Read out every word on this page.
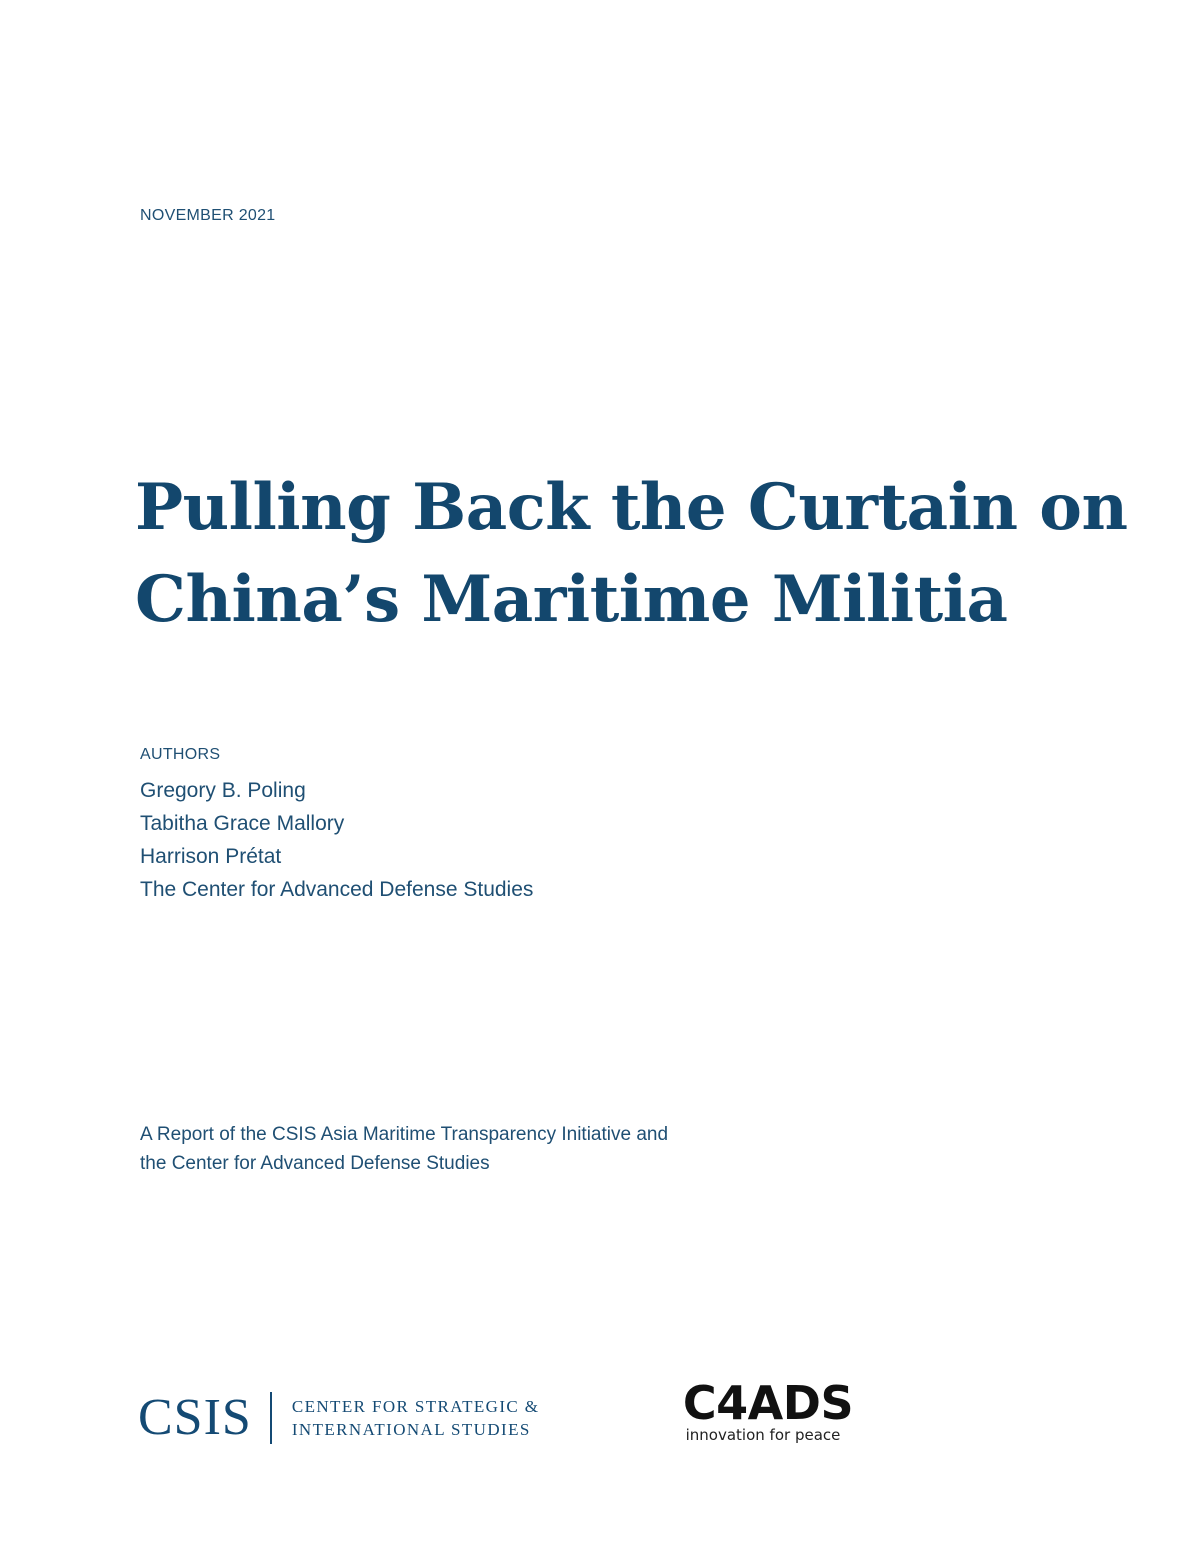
NOVEMBER 2021
Pulling Back the Curtain on
China’s Maritime Militia
AUTHORS
Gregory B. Poling
Tabitha Grace Mallory
Harrison Prétat
The Center for Advanced Defense Studies
A Report of the CSIS Asia Maritime Transparency Initiative and
the Center for Advanced Defense Studies
CSIS CENTER FOR STRATEGIC &
INTERNATIONAL STUDIES	C4ADS
innovation for peace
